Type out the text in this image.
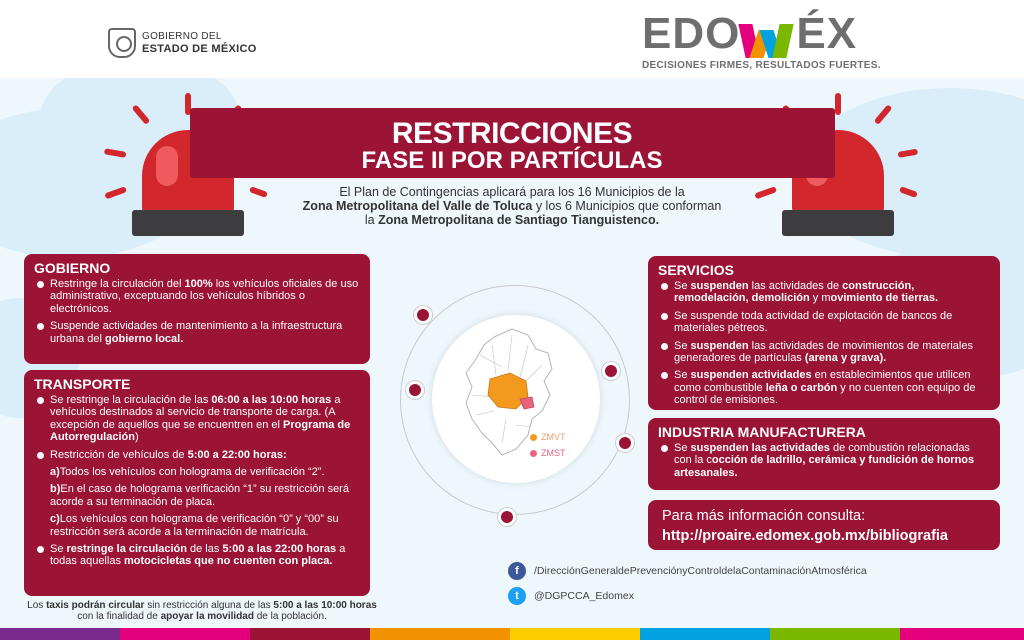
GOBIERNO DEL
ESTADO DE MÉXICO	EDO ÉX
DECISIONES FIRMES, RESULTADOS FUERTES.
RESTRICCIONES
FASE II POR PARTÍCULAS
El Plan de Contingencias aplicará para los 16 Municipios de la
Zona Metropolitana del Valle de Toluca y los 6 Municipios que conforman
la Zona Metropolitana de Santiago Tianguistenco.
ZMVT
ZMST
GOBIERNO
Restringe la circulación del 100% los vehículos oficiales de uso administrativo, exceptuando los vehículos híbridos o electrónicos.
Suspende actividades de mantenimiento a la infraestructura urbana del gobierno local.
TRANSPORTE
Se restringe la circulación de las 06:00 a las 10:00 horas a vehículos destinados al servicio de transporte de carga. (A excepción de aquellos que se encuentren en el Programa de Autorregulación)
Restricción de vehículos de 5:00 a 22:00 horas:
a)Todos los vehículos con holograma de verificación “2”.
b)En el caso de holograma verificación “1” su restricción será acorde a su terminación de placa.
c)Los vehículos con holograma de verificación “0” y “00” su restricción será acorde a la terminación de matrícula.
Se restringe la circulación de las 5:00 a las 22:00 horas a todas aquellas motocicletas que no cuenten con placa.
SERVICIOS
Se suspenden las actividades de construcción, remodelación, demolición y movimiento de tierras.
Se suspende toda actividad de explotación de bancos de materiales pétreos.
Se suspenden las actividades de movimientos de materiales generadores de partículas (arena y grava).
Se suspenden actividades en establecimientos que utilicen como combustible leña o carbón y no cuenten con equipo de control de emisiones.
INDUSTRIA MANUFACTURERA
Se suspenden las actividades de combustión relacionadas con la cocción de ladrillo, cerámica y fundición de hornos artesanales.
Para más información consulta:
http://proaire.edomex.gob.mx/bibliografia
f	/DirecciónGeneraldePrevenciónyControldelaContaminaciónAtmosférica
t	@DGPCCA_Edomex
Los taxis podrán circular sin restricción alguna de las 5:00 a las 10:00 horas con la finalidad de apoyar la movilidad de la población.
